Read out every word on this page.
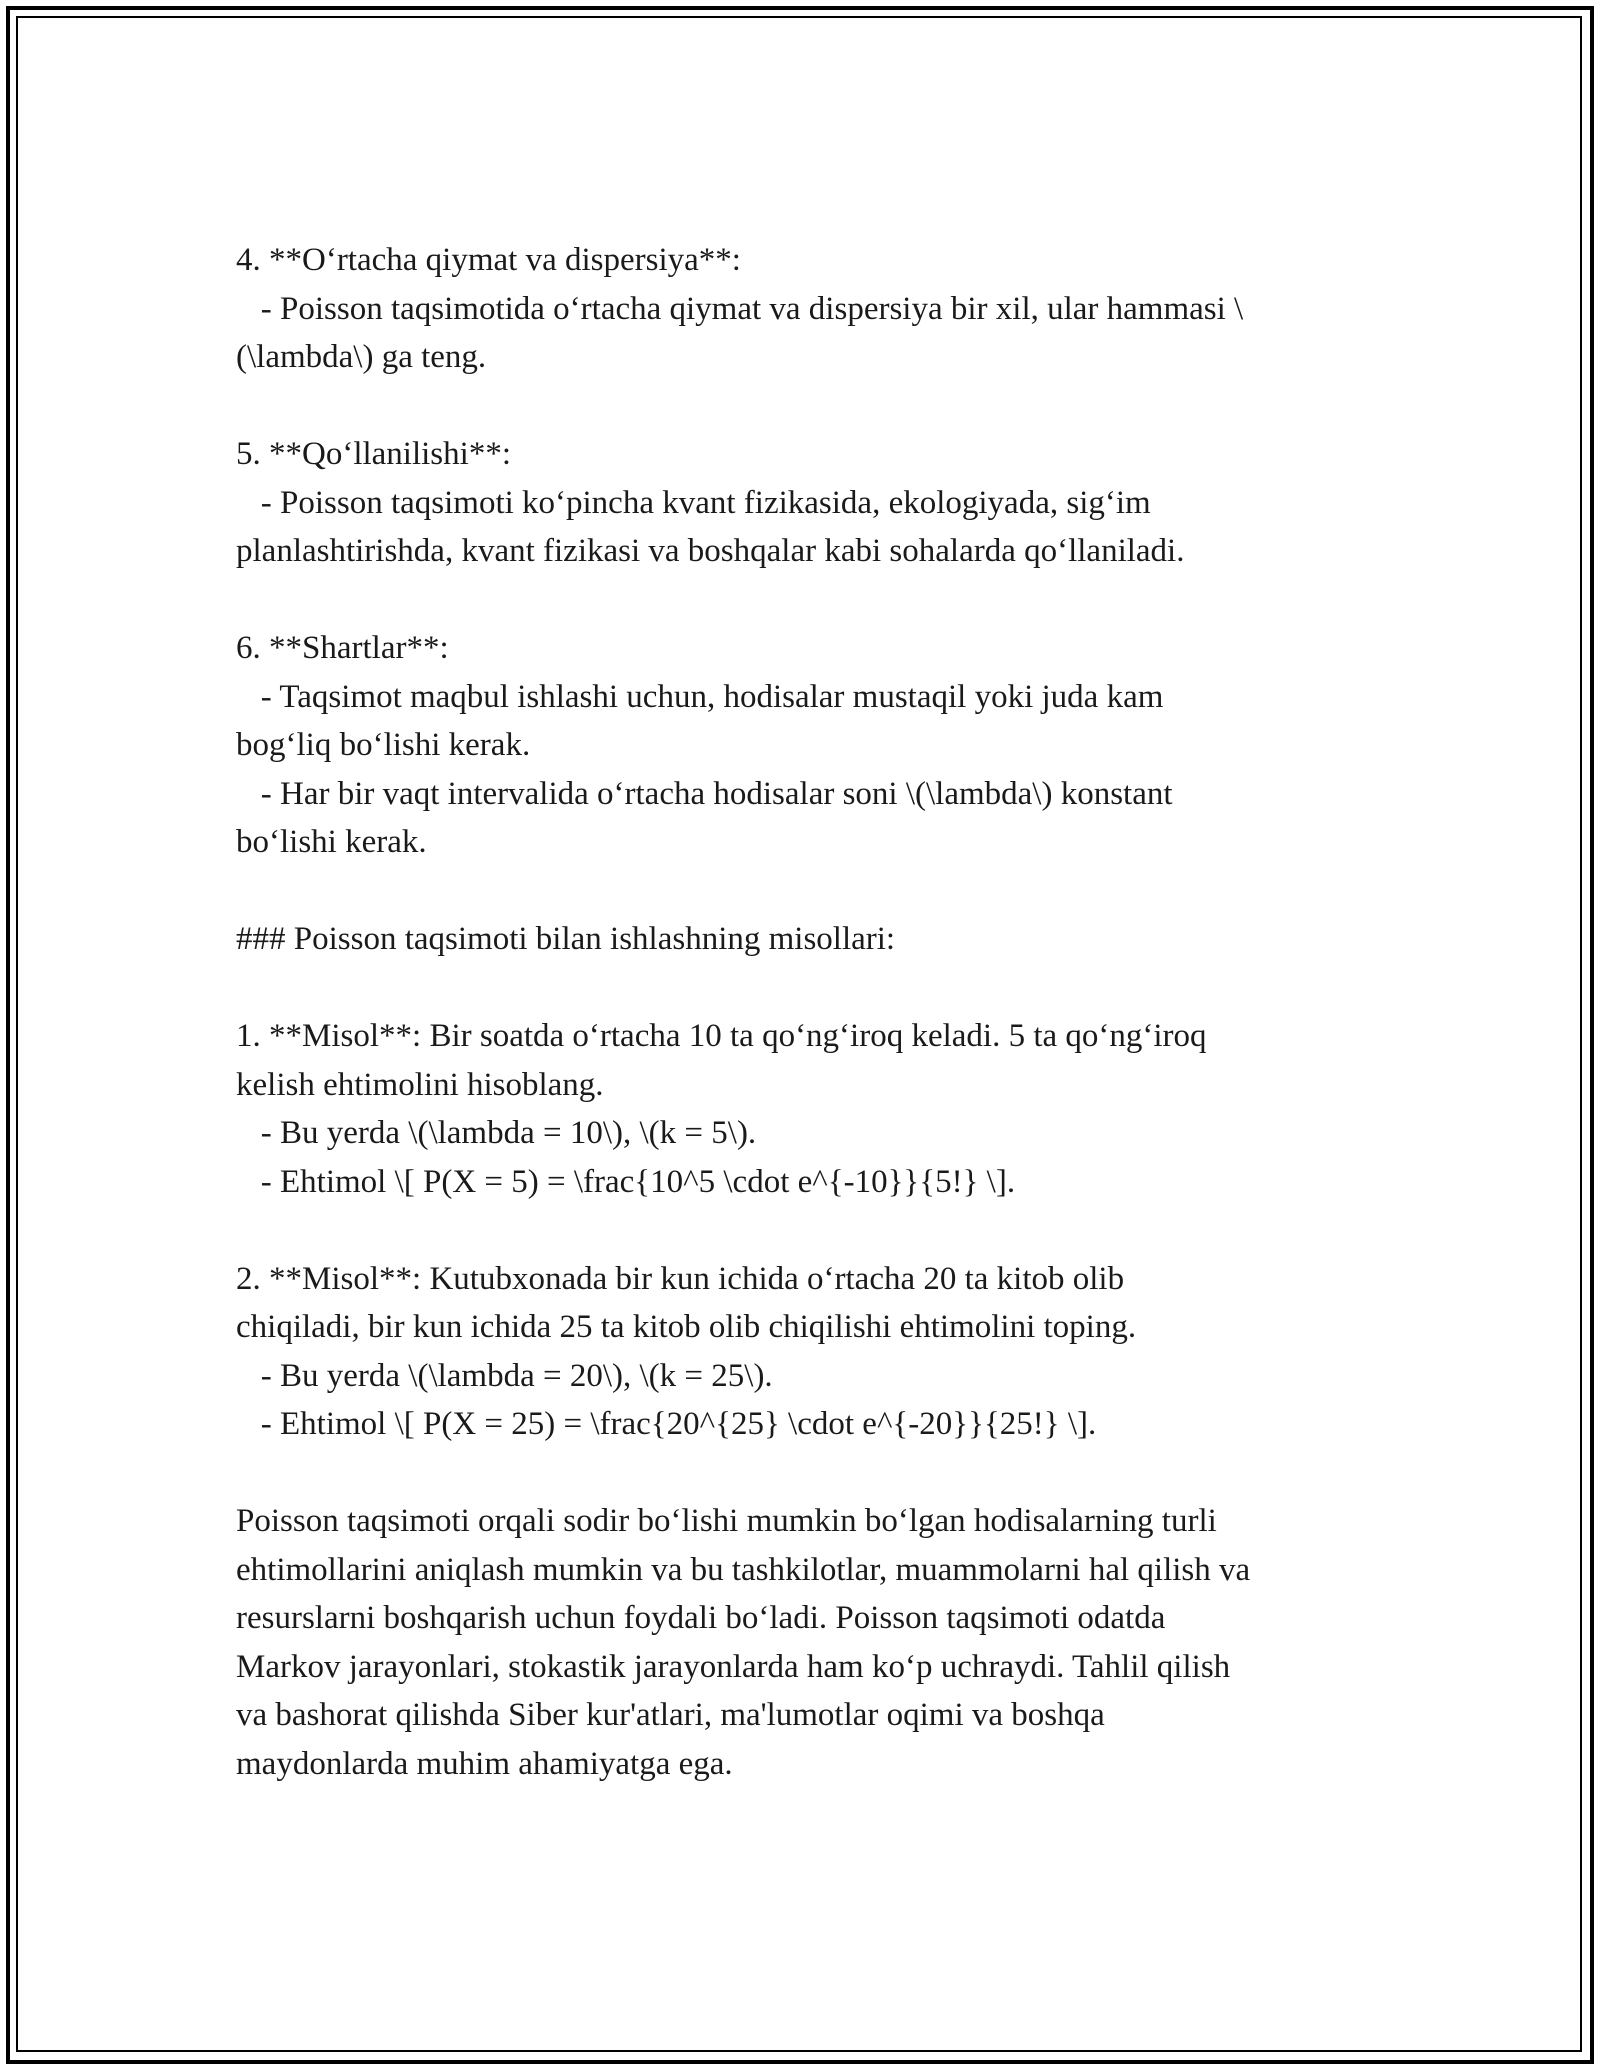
4. **O‘rtacha qiymat va dispersiya**:
- Poisson taqsimotida o‘rtacha qiymat va dispersiya bir xil, ular hammasi \
(\lambda\) ga teng.
5. **Qo‘llanilishi**:
- Poisson taqsimoti ko‘pincha kvant fizikasida, ekologiyada, sig‘im
planlashtirishda, kvant fizikasi va boshqalar kabi sohalarda qo‘llaniladi.
6. **Shartlar**:
- Taqsimot maqbul ishlashi uchun, hodisalar mustaqil yoki juda kam
bog‘liq bo‘lishi kerak.
- Har bir vaqt intervalida o‘rtacha hodisalar soni \(\lambda\) konstant
bo‘lishi kerak.
### Poisson taqsimoti bilan ishlashning misollari:
1. **Misol**: Bir soatda o‘rtacha 10 ta qo‘ng‘iroq keladi. 5 ta qo‘ng‘iroq
kelish ehtimolini hisoblang.
- Bu yerda \(\lambda = 10\), \(k = 5\).
- Ehtimol \[ P(X = 5) = \frac{10^5 \cdot e^{-10}}{5!} \].
2. **Misol**: Kutubxonada bir kun ichida o‘rtacha 20 ta kitob olib
chiqiladi, bir kun ichida 25 ta kitob olib chiqilishi ehtimolini toping.
- Bu yerda \(\lambda = 20\), \(k = 25\).
- Ehtimol \[ P(X = 25) = \frac{20^{25} \cdot e^{-20}}{25!} \].
Poisson taqsimoti orqali sodir bo‘lishi mumkin bo‘lgan hodisalarning turli
ehtimollarini aniqlash mumkin va bu tashkilotlar, muammolarni hal qilish va
resurslarni boshqarish uchun foydali bo‘ladi. Poisson taqsimoti odatda
Markov jarayonlari, stokastik jarayonlarda ham ko‘p uchraydi. Tahlil qilish
va bashorat qilishda Siber kur'atlari, ma'lumotlar oqimi va boshqa
maydonlarda muhim ahamiyatga ega.
